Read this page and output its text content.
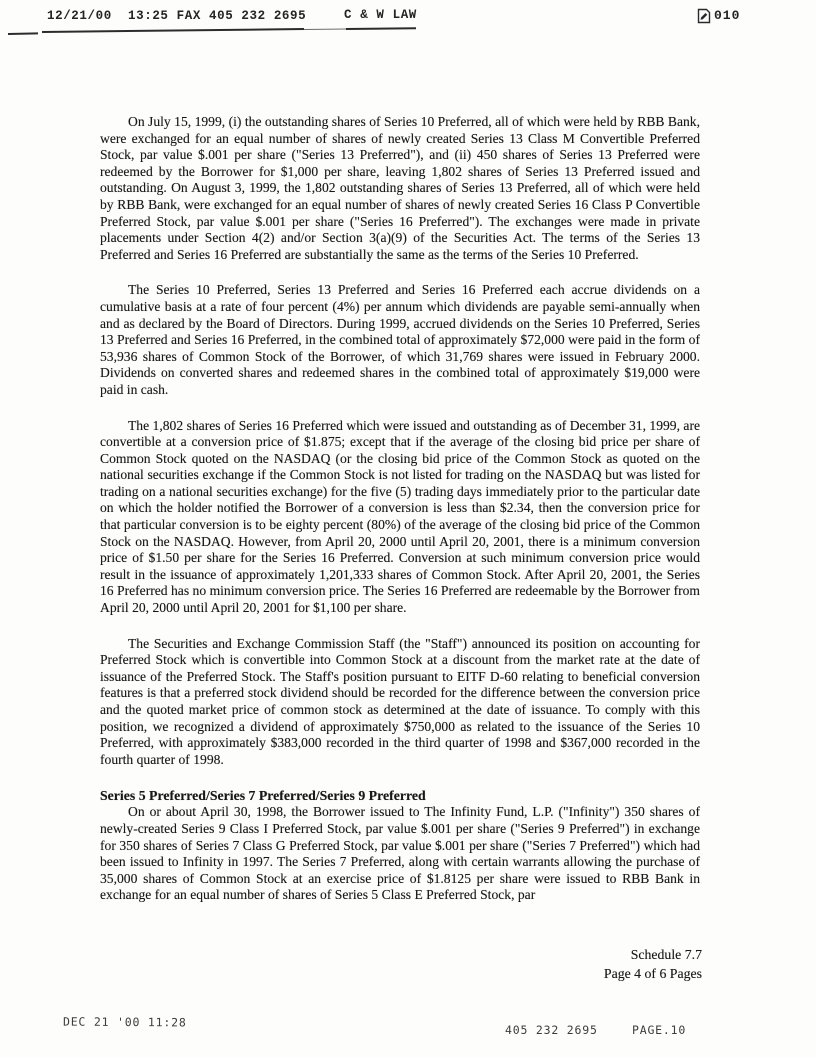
12/21/00  13:25 FAX 405 232 2695	C & W LAW	010

On July 15, 1999, (i) the outstanding shares of Series 10 Preferred, all of which were held by RBB Bank, were exchanged for an equal number of shares of newly created Series 13 Class M Convertible Preferred Stock, par value $.001 per share ("Series 13 Preferred"), and (ii) 450 shares of Series 13 Preferred were redeemed by the Borrower for $1,000 per share, leaving 1,802 shares of Series 13 Preferred issued and outstanding. On August 3, 1999, the 1,802 outstanding shares of Series 13 Preferred, all of which were held by RBB Bank, were exchanged for an equal number of shares of newly created Series 16 Class P Convertible Preferred Stock, par value $.001 per share ("Series 16 Preferred"). The exchanges were made in private placements under Section 4(2) and/or Section 3(a)(9) of the Securities Act. The terms of the Series 13 Preferred and Series 16 Preferred are substantially the same as the terms of the Series 10 Preferred.

The Series 10 Preferred, Series 13 Preferred and Series 16 Preferred each accrue dividends on a cumulative basis at a rate of four percent (4%) per annum which dividends are payable semi-annually when and as declared by the Board of Directors. During 1999, accrued dividends on the Series 10 Preferred, Series 13 Preferred and Series 16 Preferred, in the combined total of approximately $72,000 were paid in the form of 53,936 shares of Common Stock of the Borrower, of which 31,769 shares were issued in February 2000. Dividends on converted shares and redeemed shares in the combined total of approximately $19,000 were paid in cash.

The 1,802 shares of Series 16 Preferred which were issued and outstanding as of December 31, 1999, are convertible at a conversion price of $1.875; except that if the average of the closing bid price per share of Common Stock quoted on the NASDAQ (or the closing bid price of the Common Stock as quoted on the national securities exchange if the Common Stock is not listed for trading on the NASDAQ but was listed for trading on a national securities exchange) for the five (5) trading days immediately prior to the particular date on which the holder notified the Borrower of a conversion is less than $2.34, then the conversion price for that particular conversion is to be eighty percent (80%) of the average of the closing bid price of the Common Stock on the NASDAQ. However, from April 20, 2000 until April 20, 2001, there is a minimum conversion price of $1.50 per share for the Series 16 Preferred. Conversion at such minimum conversion price would result in the issuance of approximately 1,201,333 shares of Common Stock. After April 20, 2001, the Series 16 Preferred has no minimum conversion price. The Series 16 Preferred are redeemable by the Borrower from April 20, 2000 until April 20, 2001 for $1,100 per share.

The Securities and Exchange Commission Staff (the "Staff") announced its position on accounting for Preferred Stock which is convertible into Common Stock at a discount from the market rate at the date of issuance of the Preferred Stock. The Staff's position pursuant to EITF D-60 relating to beneficial conversion features is that a preferred stock dividend should be recorded for the difference between the conversion price and the quoted market price of common stock as determined at the date of issuance. To comply with this position, we recognized a dividend of approximately $750,000 as related to the issuance of the Series 10 Preferred, with approximately $383,000 recorded in the third quarter of 1998 and $367,000 recorded in the fourth quarter of 1998.

Series 5 Preferred/Series 7 Preferred/Series 9 Preferred

On or about April 30, 1998, the Borrower issued to The Infinity Fund, L.P. ("Infinity") 350 shares of newly-created Series 9 Class I Preferred Stock, par value $.001 per share ("Series 9 Preferred") in exchange for 350 shares of Series 7 Class G Preferred Stock, par value $.001 per share ("Series 7 Preferred") which had been issued to Infinity in 1997. The Series 7 Preferred, along with certain warrants allowing the purchase of 35,000 shares of Common Stock at an exercise price of $1.8125 per share were issued to RBB Bank in exchange for an equal number of shares of Series 5 Class E Preferred Stock, par

Schedule 7.7
Page 4 of 6 Pages
DEC 21 '00 11:28
405 232 2695	PAGE.10
